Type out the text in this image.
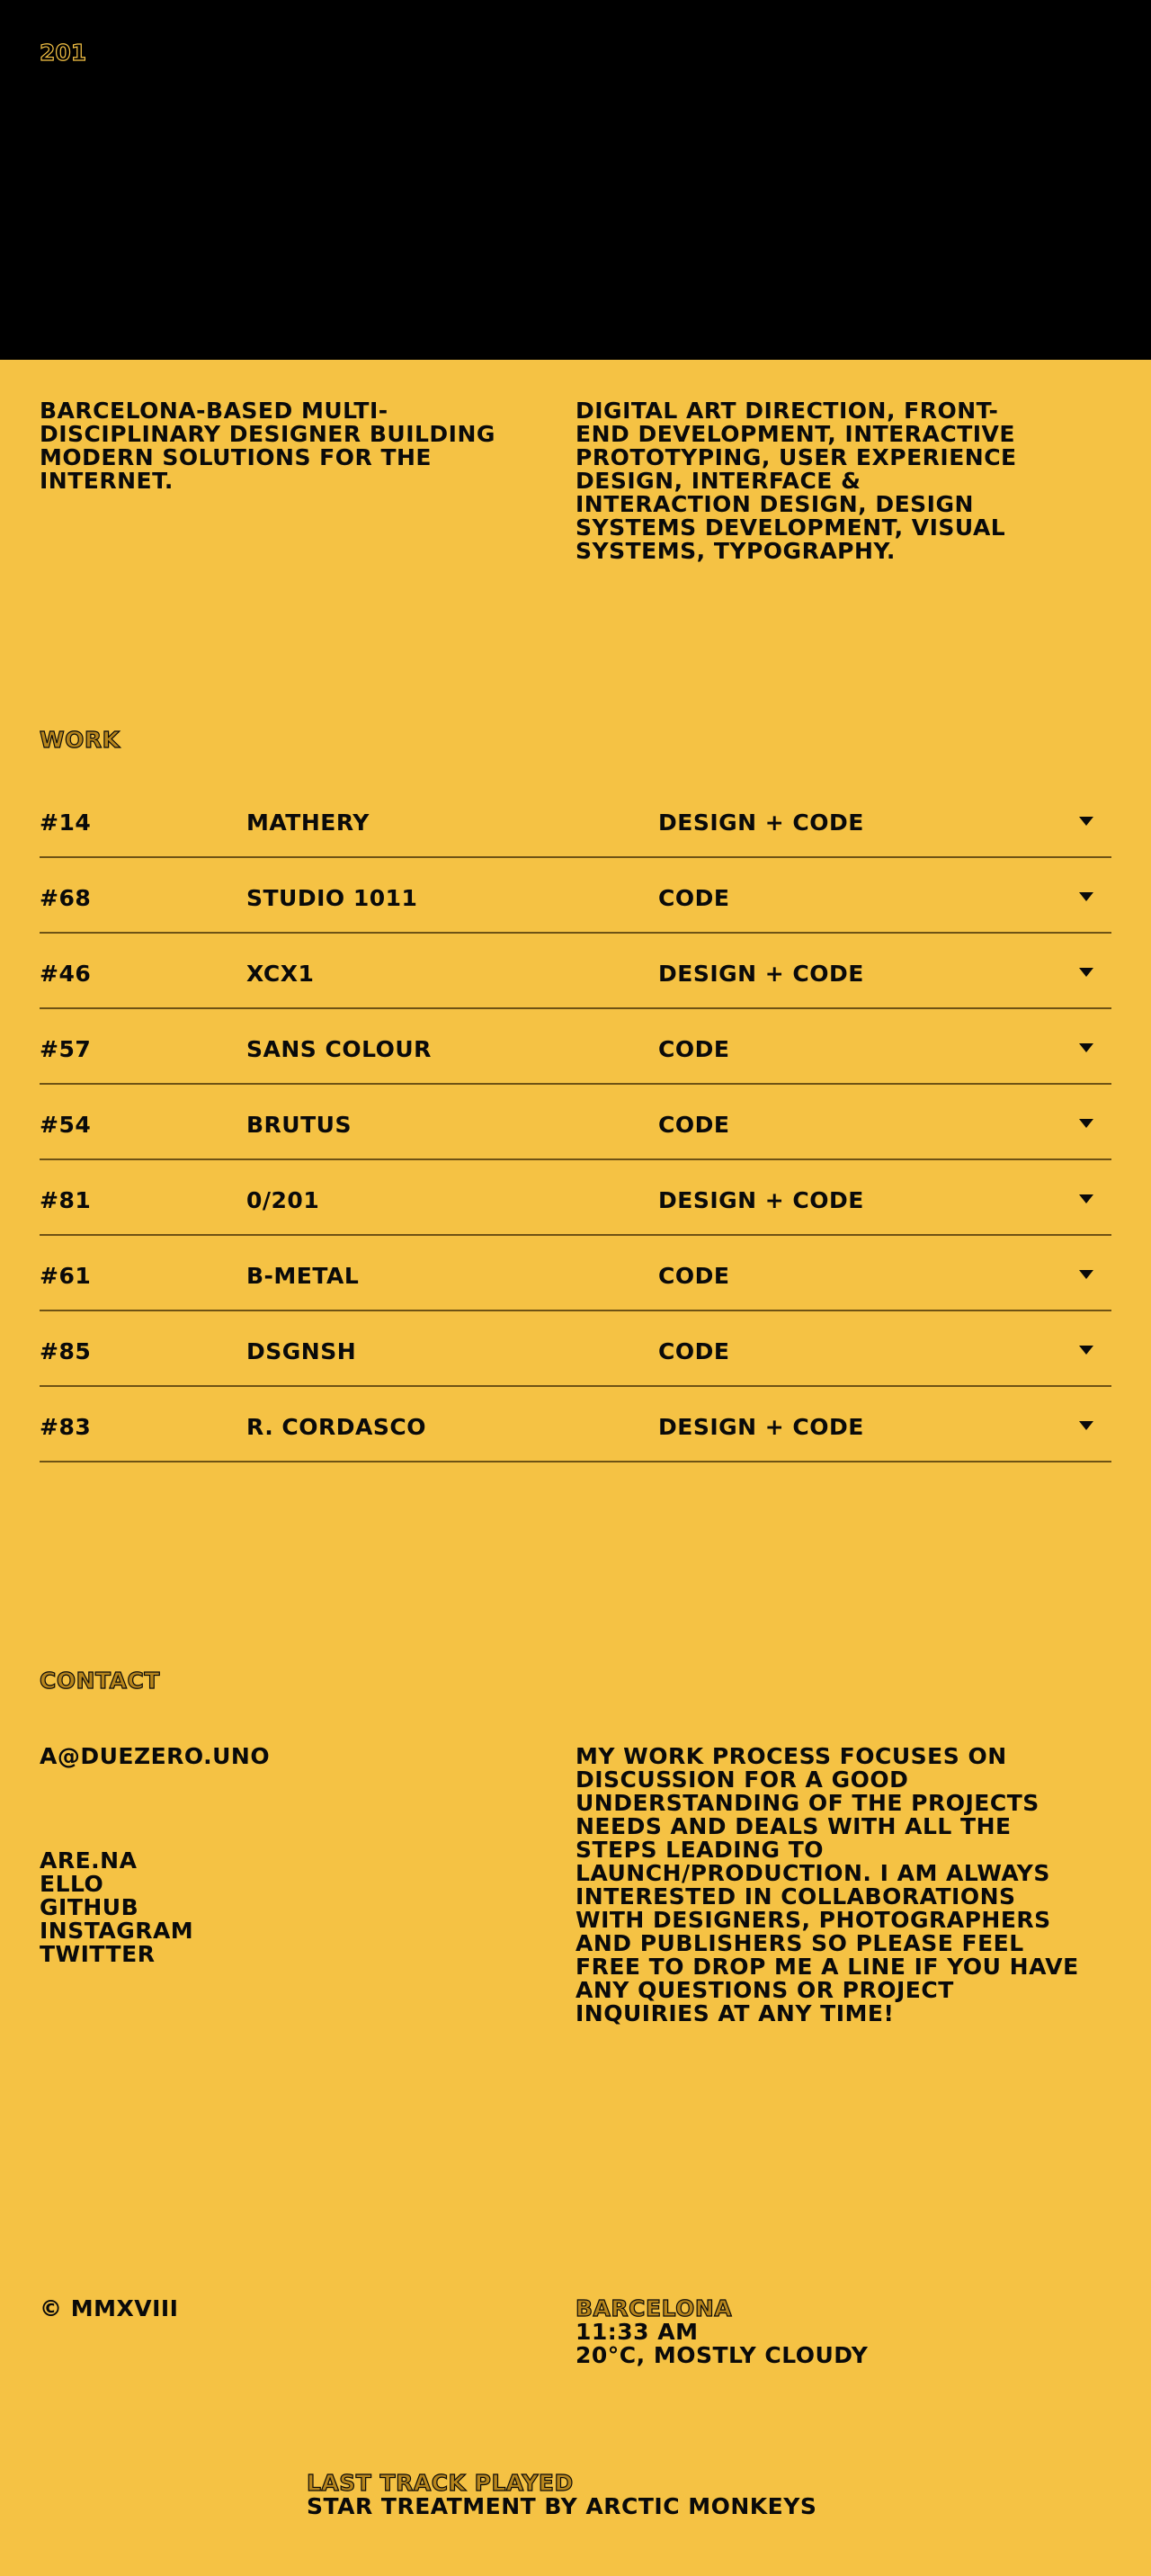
201
BARCELONA-BASED MULTI-DISCIPLINARY DESIGNER BUILDING MODERN SOLUTIONS FOR THE INTERNET.
DIGITAL ART DIRECTION, FRONT-END DEVELOPMENT, INTERACTIVE PROTOTYPING, USER EXPERIENCE DESIGN, INTERFACE & INTERACTION DESIGN, DESIGN SYSTEMS DEVELOPMENT, VISUAL SYSTEMS, TYPOGRAPHY.
WORK
#14	MATHERY	DESIGN + CODE
#68	STUDIO 1011	CODE
#46	XCX1	DESIGN + CODE
#57	SANS COLOUR	CODE
#54	BRUTUS	CODE
#81	0/201	DESIGN + CODE
#61	B-METAL	CODE
#85	DSGNSH	CODE
#83	R. CORDASCO	DESIGN + CODE
CONTACT
A@DUEZERO.UNO
ARE.NA
ELLO
GITHUB
INSTAGRAM
TWITTER
MY WORK PROCESS FOCUSES ON DISCUSSION FOR A GOOD UNDERSTANDING OF THE PROJECTS NEEDS AND DEALS WITH ALL THE STEPS LEADING TO LAUNCH/PRODUCTION. I AM ALWAYS INTERESTED IN COLLABORATIONS WITH DESIGNERS, PHOTOGRAPHERS AND PUBLISHERS SO PLEASE FEEL FREE TO DROP ME A LINE IF YOU HAVE ANY QUESTIONS OR PROJECT INQUIRIES AT ANY TIME!
© MMXVIII	BARCELONA
11:33 AM
20°C, MOSTLY CLOUDY
LAST TRACK PLAYED
STAR TREATMENT BY ARCTIC MONKEYS
